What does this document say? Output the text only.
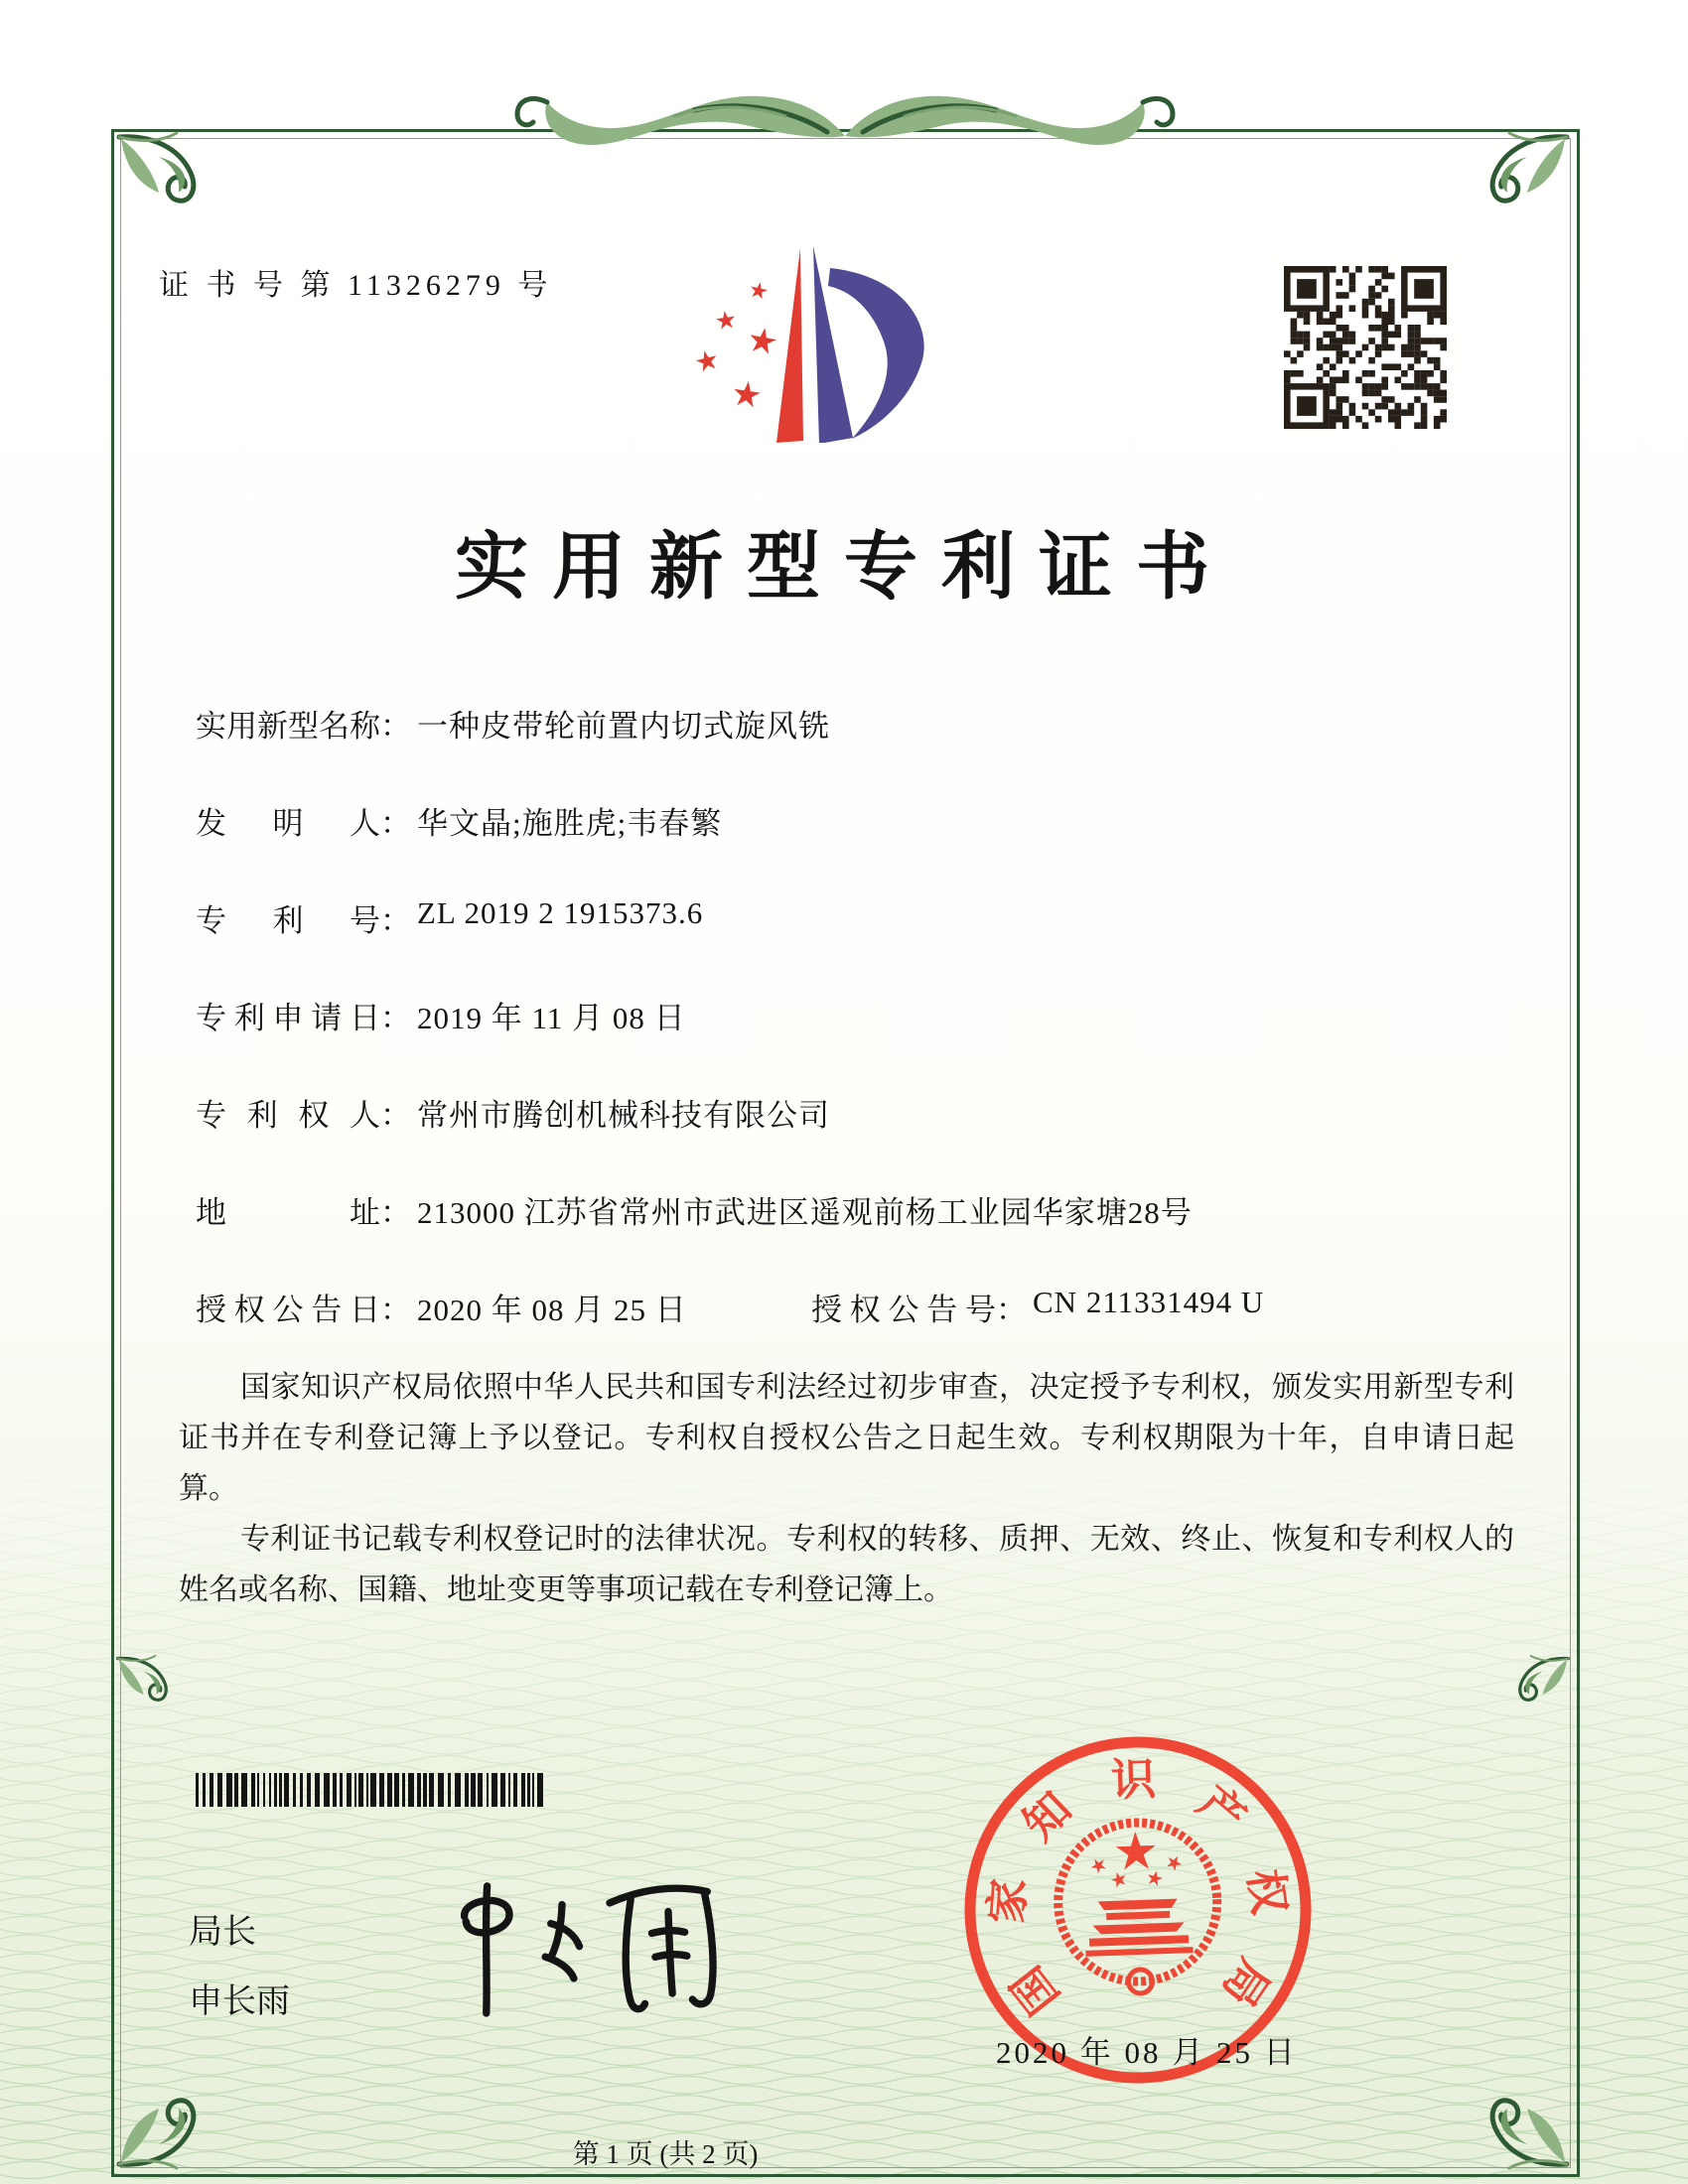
证 书 号 第 11326279 号
实用新型专利证书
实用新型名称： 一种皮带轮前置内切式旋风铣
发明人： 华文晶;施胜虎;韦春繁
专利号： ZL 2019 2 1915373.6
专利申请日： 2019 年 11 月 08 日
专利权人： 常州市腾创机械科技有限公司
地址： 213000 江苏省常州市武进区遥观前杨工业园华家塘28号
授权公告日： 2020 年 08 月 25 日	授权公告号： CN 211331494 U

国家知识产权局依照中华人民共和国专利法经过初步审查，决定授予专利权，颁发实用新型专利证书并在专利登记簿上予以登记。专利权自授权公告之日起生效。专利权期限为十年，自申请日起算。

专利证书记载专利权登记时的法律状况。专利权的转移、质押、无效、终止、恢复和专利权人的姓名或名称、国籍、地址变更等事项记载在专利登记簿上。

局长
申长雨	国
家
知
识 产
权
局
2020 年 08 月 25 日
第 1 页 (共 2 页)
